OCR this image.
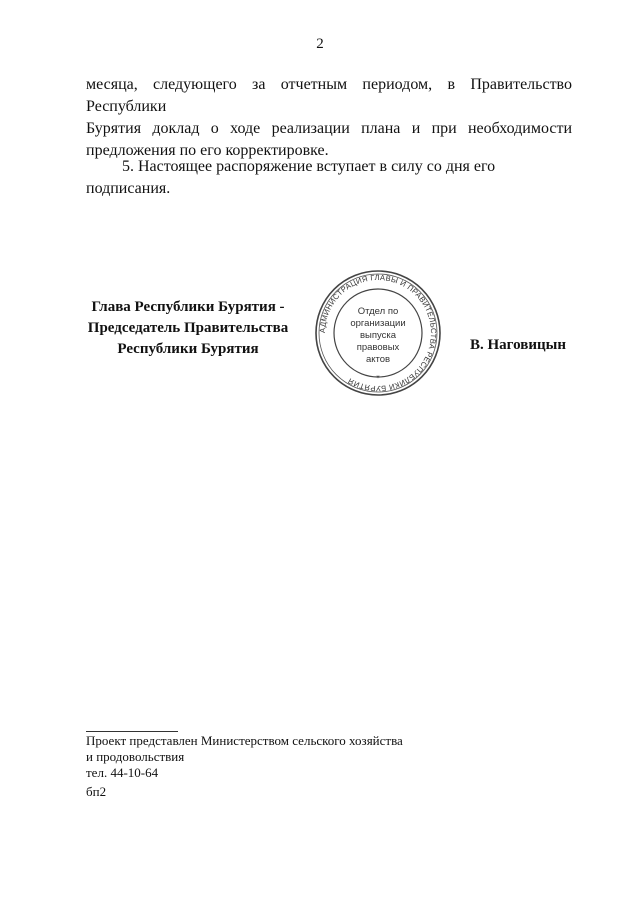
2
месяца, следующего за отчетным периодом, в Правительство Республики
Бурятия доклад о ходе реализации плана и при необходимости
предложения по его корректировке.
5. Настоящее распоряжение вступает в силу со дня его подписания.
Глава Республики Бурятия -
Председатель Правительства
Республики Бурятия
АДМИНИСТРАЦИЯ ГЛАВЫ И ПРАВИТЕЛЬСТВА РЕСПУБЛИКИ БУРЯТИЯ	*
Отдел по
организации
выпуска
правовых
актов
В. Наговицын
Проект представлен Министерством сельского хозяйства
и продовольствия
тел. 44-10-64
бп2
